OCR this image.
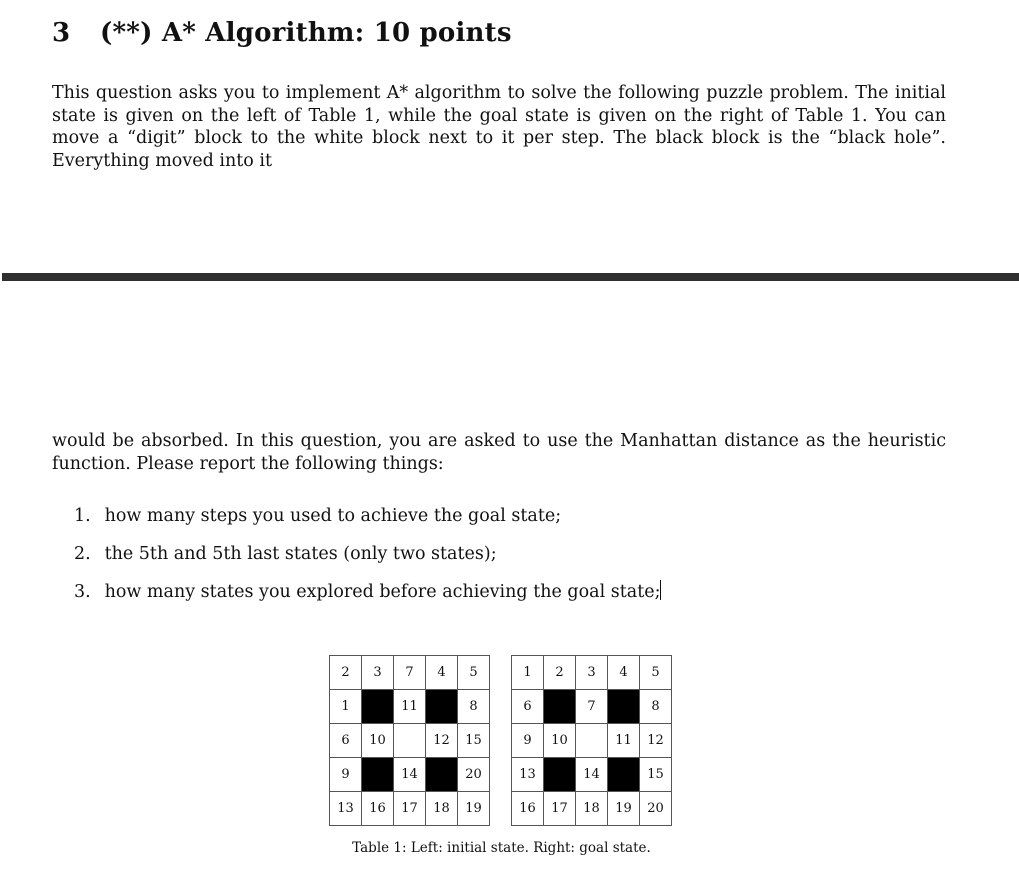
3 (**) A* Algorithm: 10 points
This question asks you to implement A* algorithm to solve the following puzzle problem. The initial state is given on the left of Table 1, while the goal state is given on the right of Table 1. You can move a “digit” block to the white block next to it per step. The black block is the “black hole”. Everything moved into it
would be absorbed. In this question, you are asked to use the Manhattan distance as the heuristic function. Please report the following things:
1. how many steps you used to achieve the goal state;
2. the 5th and 5th last states (only two states);
3. how many states you explored before achieving the goal state;
2	3	7	4	5
1		11		8
6	10		12	15
9		14		20
13	16	17	18	19
1	2	3	4	5
6		7		8
9	10		11	12
13		14		15
16	17	18	19	20
Table 1: Left: initial state. Right: goal state.
